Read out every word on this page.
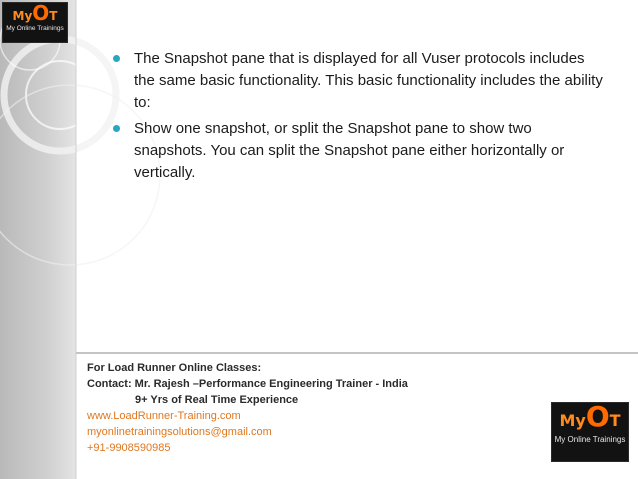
MyOT
My Online Trainings
The Snapshot pane that is displayed for all Vuser protocols includes the same basic functionality. This basic functionality includes the ability to:
Show one snapshot, or split the Snapshot pane to show two snapshots. You can split the Snapshot pane either horizontally or vertically.
For Load Runner Online Classes:
Contact: Mr. Rajesh –Performance Engineering Trainer - India
9+ Yrs of Real Time Experience
www.LoadRunner-Training.com
myonlinetrainingsolutions@gmail.com
+91-9908590985
MyOT
My Online Trainings
